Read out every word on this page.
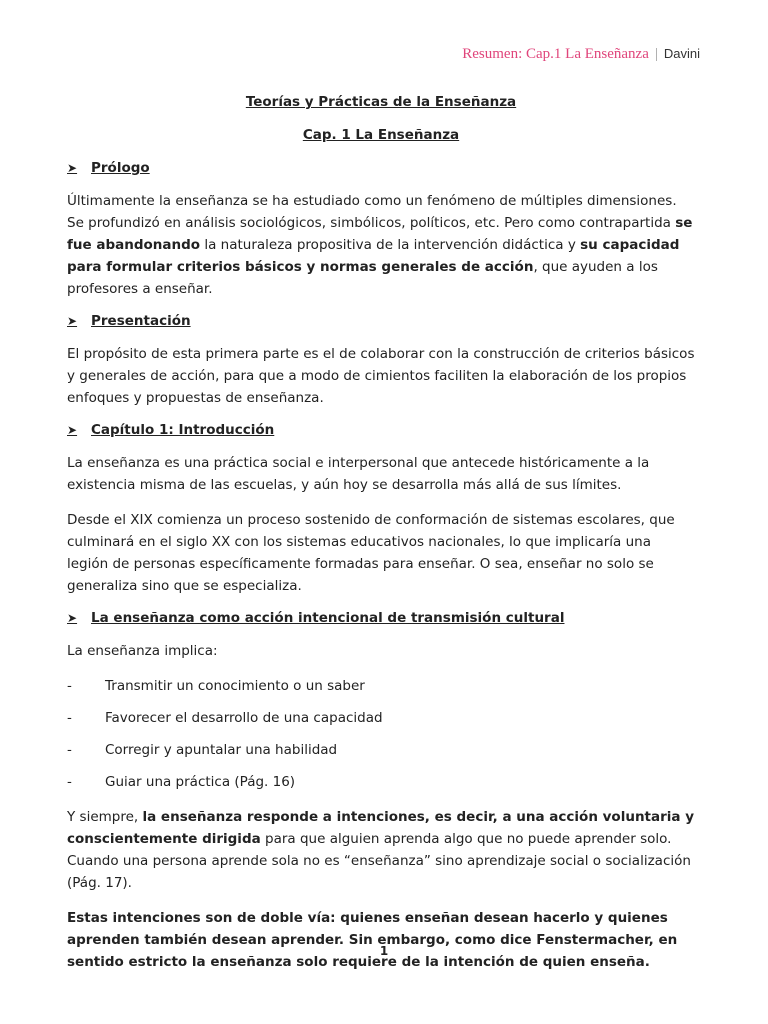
Resumen: Cap.1 La Enseñanza | Davini
Teorías y Prácticas de la Enseñanza
Cap. 1 La Enseñanza
➤	Prólogo

Últimamente la enseñanza se ha estudiado como un fenómeno de múltiples dimensiones. Se profundizó en análisis sociológicos, simbólicos, políticos, etc. Pero como contrapartida se fue abandonando la naturaleza propositiva de la intervención didáctica y su capacidad para formular criterios básicos y normas generales de acción, que ayuden a los profesores a enseñar.

➤	Presentación

El propósito de esta primera parte es el de colaborar con la construcción de criterios básicos y generales de acción, para que a modo de cimientos faciliten la elaboración de los propios enfoques y propuestas de enseñanza.

➤	Capítulo 1: Introducción

La enseñanza es una práctica social e interpersonal que antecede históricamente a la existencia misma de las escuelas, y aún hoy se desarrolla más allá de sus límites.

Desde el XIX comienza un proceso sostenido de conformación de sistemas escolares, que culminará en el siglo XX con los sistemas educativos nacionales, lo que implicaría una legión de personas específicamente formadas para enseñar. O sea, enseñar no solo se generaliza sino que se especializa.

➤	La enseñanza como acción intencional de transmisión cultural

La enseñanza implica:

-	Transmitir un conocimiento o un saber
-	Favorecer el desarrollo de una capacidad
-	Corregir y apuntalar una habilidad
-	Guiar una práctica (Pág. 16)

Y siempre, la enseñanza responde a intenciones, es decir, a una acción voluntaria y conscientemente dirigida para que alguien aprenda algo que no puede aprender solo. Cuando una persona aprende sola no es “enseñanza” sino aprendizaje social o socialización (Pág. 17).

Estas intenciones son de doble vía: quienes enseñan desean hacerlo y quienes aprenden también desean aprender. Sin embargo, como dice Fenstermacher, en sentido estricto la enseñanza solo requiere de la intención de quien enseña.

1
